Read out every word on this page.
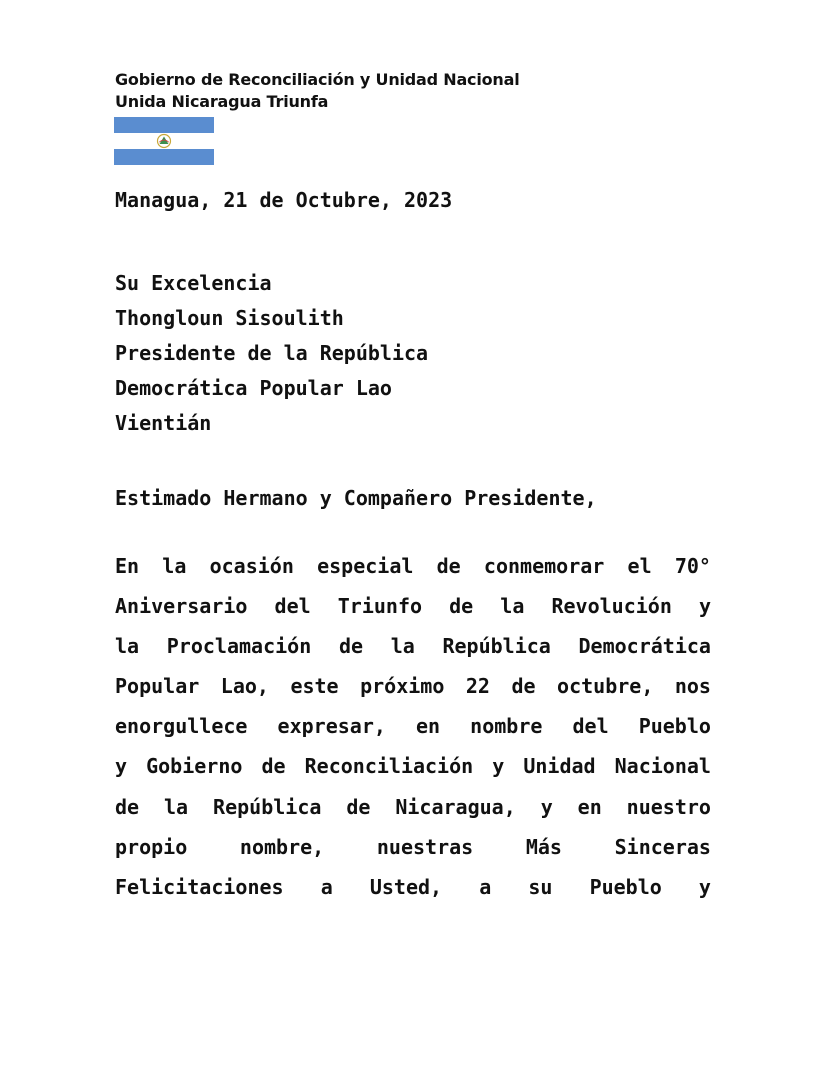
Gobierno de Reconciliación y Unidad Nacional
Unida Nicaragua Triunfa
Managua, 21 de Octubre, 2023
Su Excelencia
Thongloun Sisoulith
Presidente de la República
Democrática Popular Lao
Vientián
Estimado Hermano y Compañero Presidente,
En la ocasión especial de conmemorar el 70°
Aniversario del Triunfo de la Revolución y
la Proclamación de la República Democrática
Popular Lao, este próximo 22 de octubre, nos
enorgullece expresar, en nombre del Pueblo
y Gobierno de Reconciliación y Unidad Nacional
de la República de Nicaragua, y en nuestro
propio	nombre,	nuestras	Más	Sinceras
Felicitaciones a Usted, a su Pueblo y
